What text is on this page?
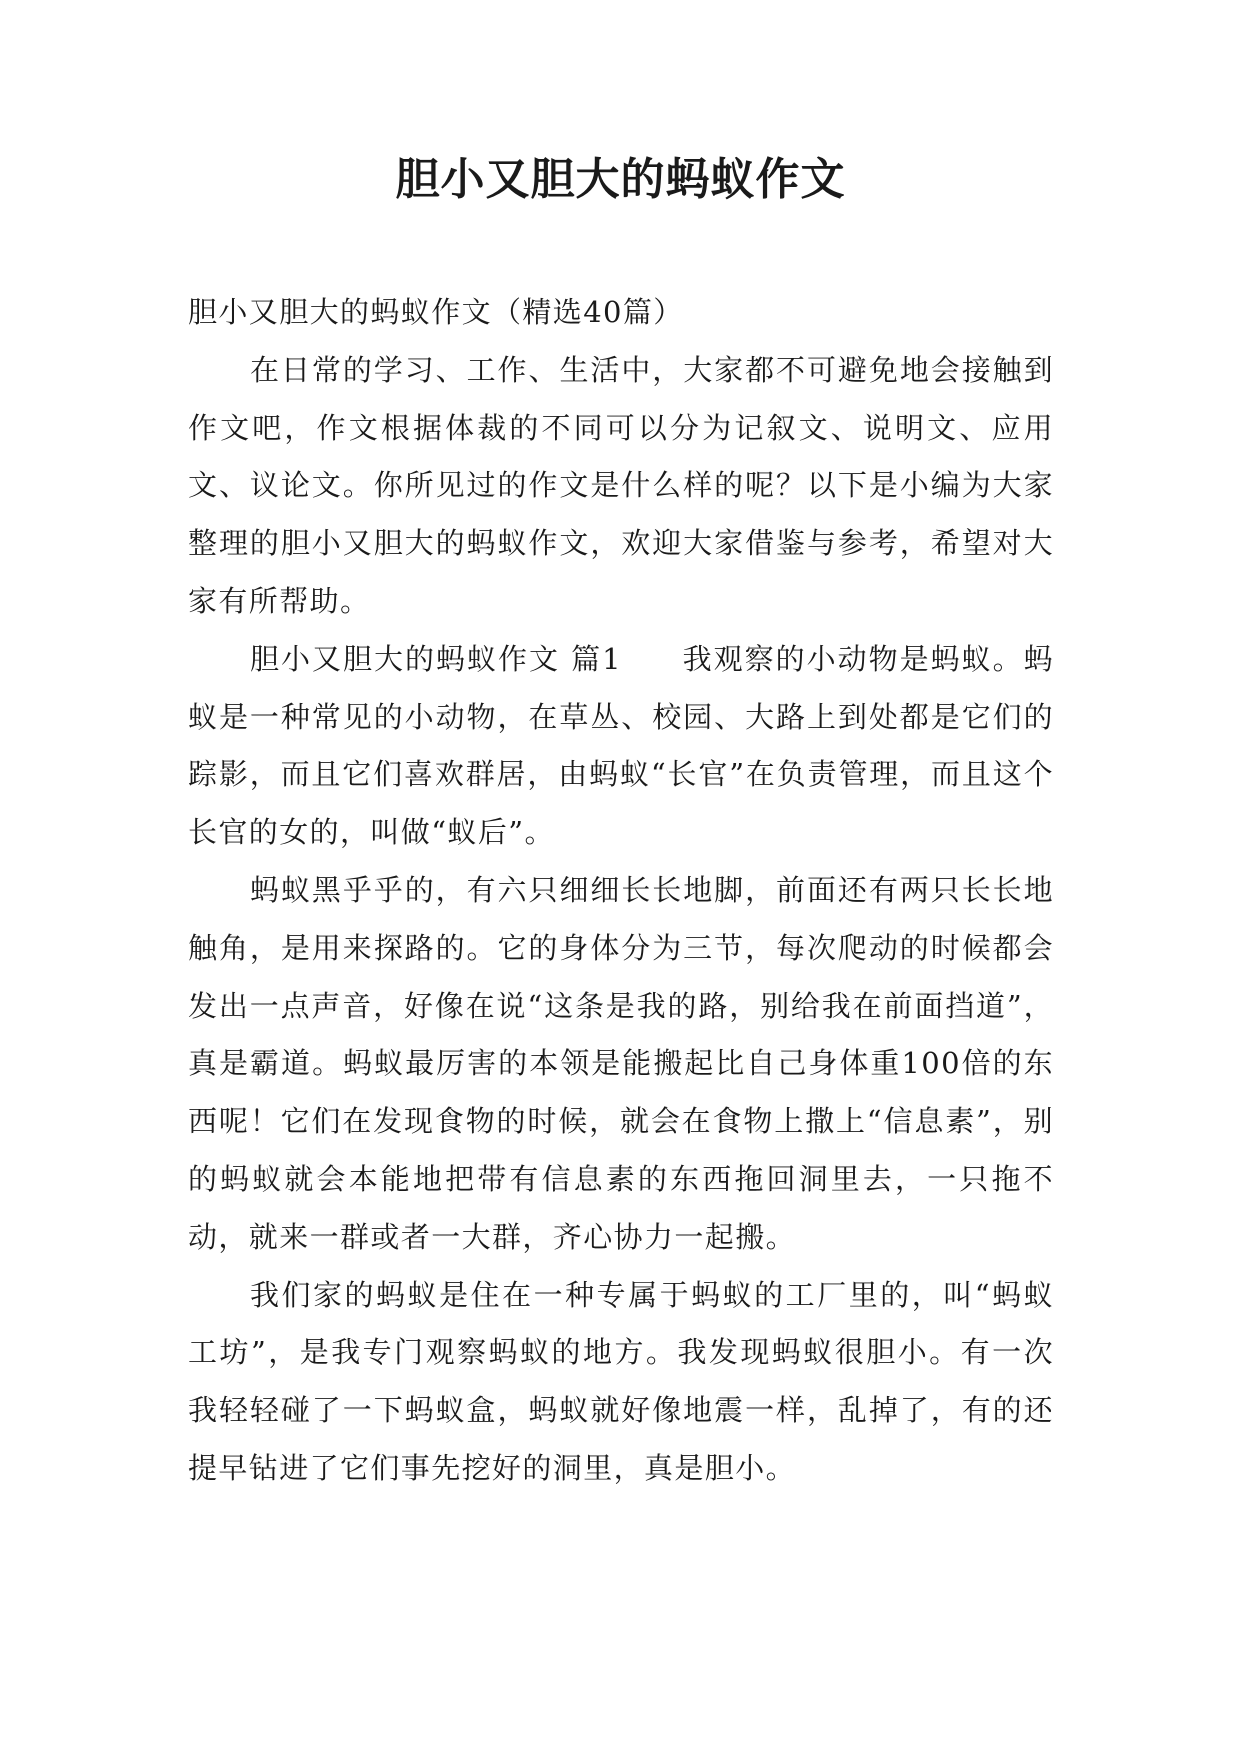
胆小又胆大的蚂蚁作文

胆小又胆大的蚂蚁作文（精选40篇）

在日常的学习、工作、生活中，大家都不可避免地会接触到作文吧，作文根据体裁的不同可以分为记叙文、说明文、应用文、议论文。你所见过的作文是什么样的呢？以下是小编为大家整理的胆小又胆大的蚂蚁作文，欢迎大家借鉴与参考，希望对大家有所帮助。

胆小又胆大的蚂蚁作文 篇1 我观察的小动物是蚂蚁。蚂蚁是一种常见的小动物，在草丛、校园、大路上到处都是它们的踪影，而且它们喜欢群居，由蚂蚁“长官”在负责管理，而且这个长官的女的，叫做“蚁后”。

蚂蚁黑乎乎的，有六只细细长长地脚，前面还有两只长长地触角，是用来探路的。它的身体分为三节，每次爬动的时候都会发出一点声音，好像在说“这条是我的路，别给我在前面挡道”，真是霸道。蚂蚁最厉害的本领是能搬起比自己身体重100倍的东西呢！它们在发现食物的时候，就会在食物上撒上“信息素”，别的蚂蚁就会本能地把带有信息素的东西拖回洞里去，一只拖不动，就来一群或者一大群，齐心协力一起搬。

我们家的蚂蚁是住在一种专属于蚂蚁的工厂里的，叫“蚂蚁工坊”，是我专门观察蚂蚁的地方。我发现蚂蚁很胆小。有一次我轻轻碰了一下蚂蚁盒，蚂蚁就好像地震一样，乱掉了，有的还提早钻进了它们事先挖好的洞里，真是胆小。
